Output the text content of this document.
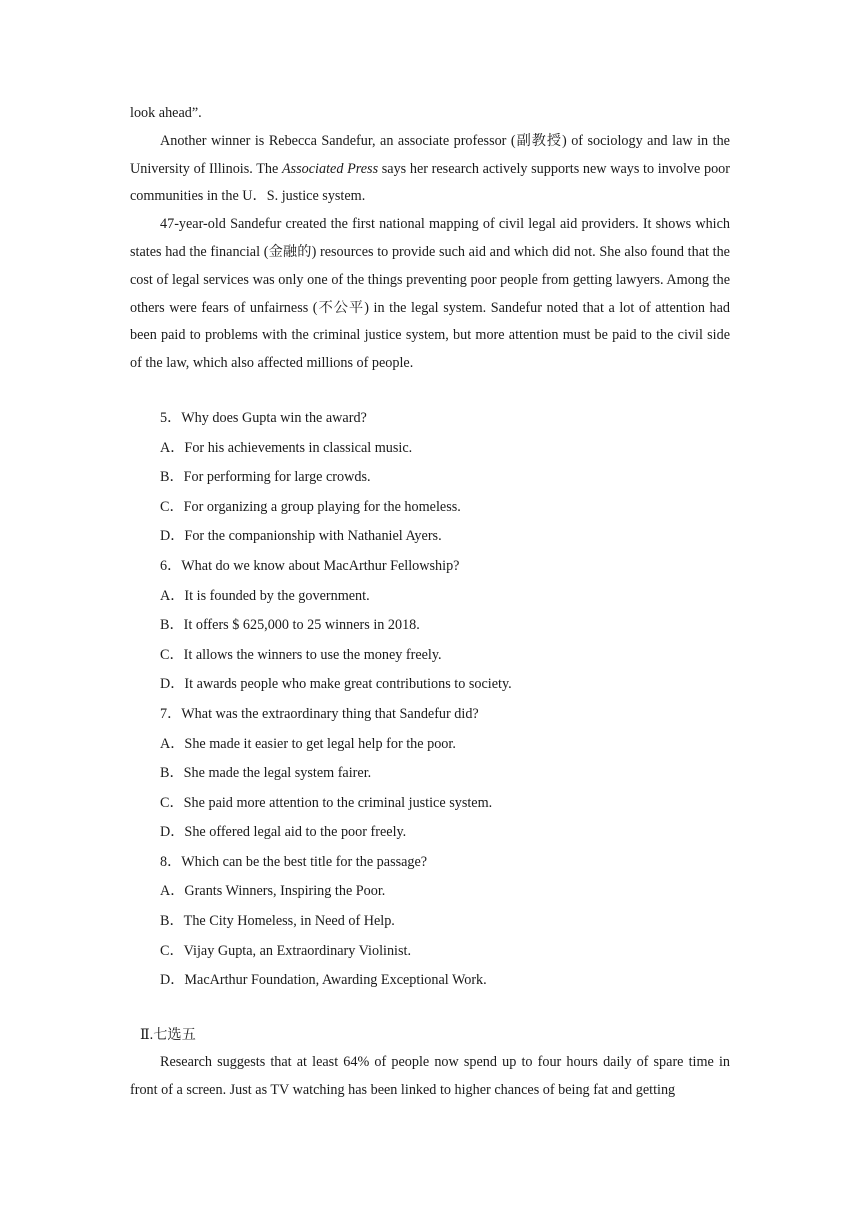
look ahead”.

Another winner is Rebecca Sandefur, an associate professor (副教授) of sociology and law in the University of Illinois. The Associated Press says her research actively supports new ways to involve poor communities in the U．S. justice system.

47-year-old Sandefur created the first national mapping of civil legal aid providers. It shows which states had the financial (金融的) resources to provide such aid and which did not. She also found that the cost of legal services was only one of the things preventing poor people from getting lawyers. Among the others were fears of unfairness (不公平) in the legal system. Sandefur noted that a lot of attention had been paid to problems with the criminal justice system, but more attention must be paid to the civil side of the law, which also affected millions of people.

5．Why does Gupta win the award?

A．For his achievements in classical music.

B．For performing for large crowds.

C．For organizing a group playing for the homeless.

D．For the companionship with Nathaniel Ayers.

6．What do we know about MacArthur Fellowship?

A．It is founded by the government.

B．It offers $ 625,000 to 25 winners in 2018.

C．It allows the winners to use the money freely.

D．It awards people who make great contributions to society.

7．What was the extraordinary thing that Sandefur did?

A．She made it easier to get legal help for the poor.

B．She made the legal system fairer.

C．She paid more attention to the criminal justice system.

D．She offered legal aid to the poor freely.

8．Which can be the best title for the passage?

A．Grants Winners, Inspiring the Poor.

B．The City Homeless, in Need of Help.

C．Vijay Gupta, an Extraordinary Violinist.

D．MacArthur Foundation, Awarding Exceptional Work.

Ⅱ.七选五

Research suggests that at least 64% of people now spend up to four hours daily of spare time in front of a screen. Just as TV watching has been linked to higher chances of being fat and getting
